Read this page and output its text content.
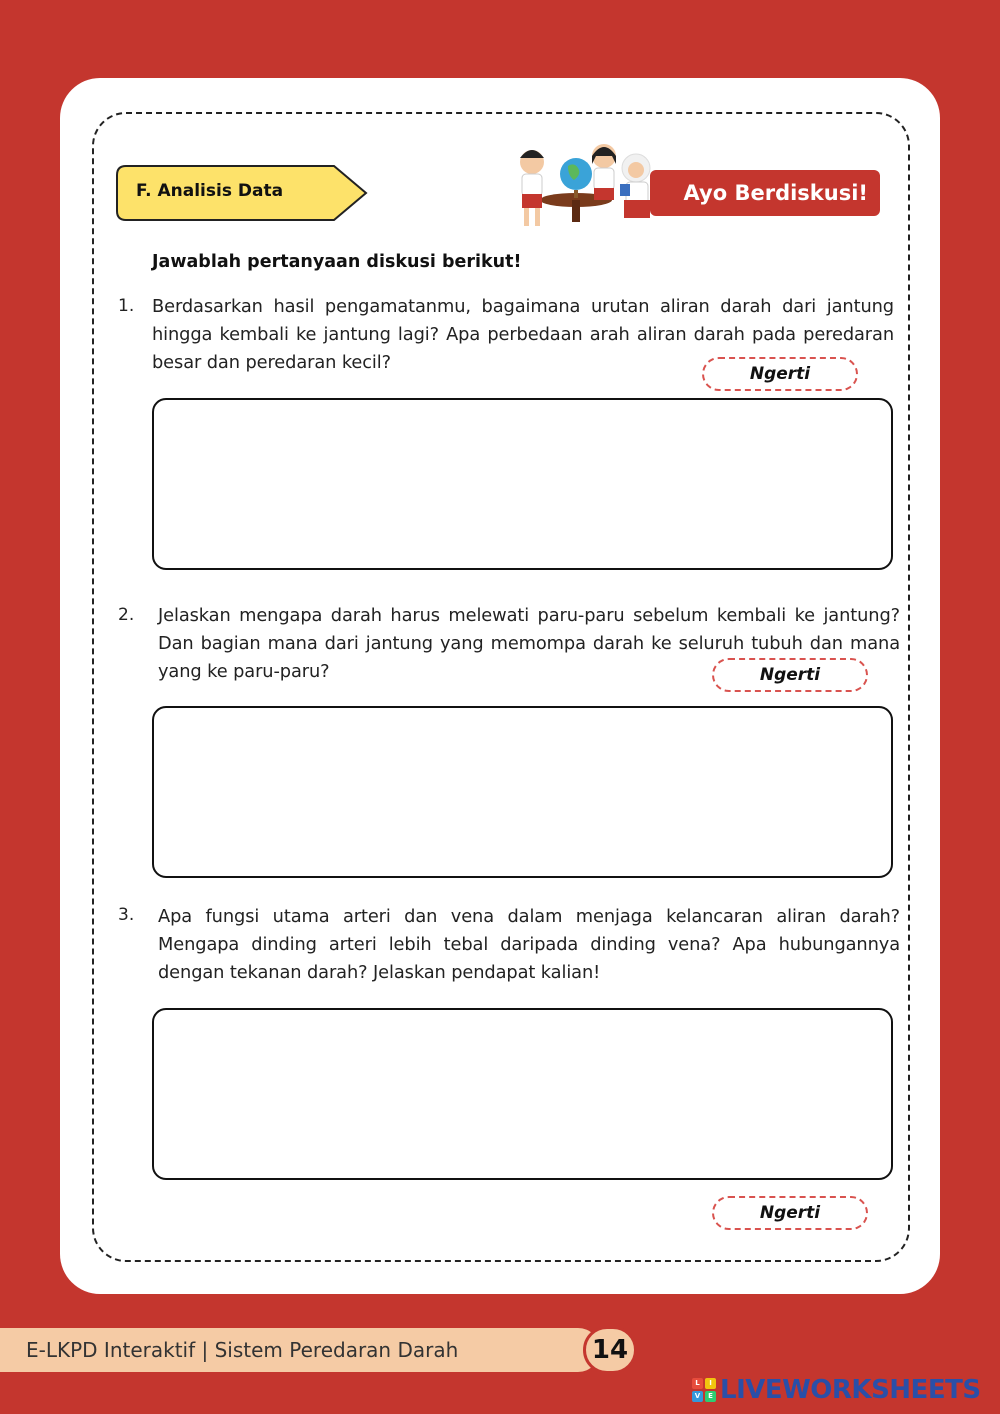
F. Analisis Data	Ayo Berdiskusi!
Jawablah pertanyaan diskusi berikut!
1. Berdasarkan hasil pengamatanmu, bagaimana urutan aliran darah dari jantung hingga kembali ke jantung lagi? Apa perbedaan arah aliran darah pada peredaran besar dan peredaran kecil?
Ngerti
2. Jelaskan mengapa darah harus melewati paru-paru sebelum kembali ke jantung? Dan bagian mana dari jantung yang memompa darah ke seluruh tubuh dan mana yang ke paru-paru?	Ngerti
3. Apa fungsi utama arteri dan vena dalam menjaga kelancaran aliran darah? Mengapa dinding arteri lebih tebal daripada dinding vena? Apa hubungannya dengan tekanan darah? Jelaskan pendapat kalian!
Ngerti
E-LKPD Interaktif | Sistem Peredaran Darah	14
L	I
V	E LIVEWORKSHEETS
